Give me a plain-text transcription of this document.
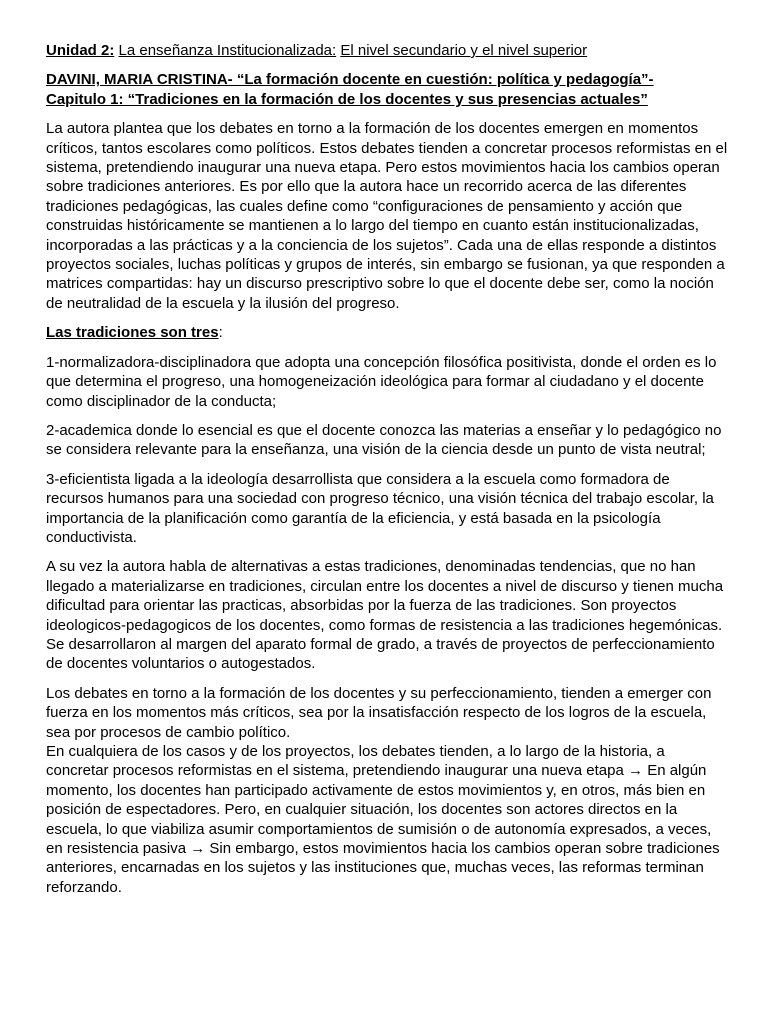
Unidad 2: La enseñanza Institucionalizada: El nivel secundario y el nivel superior

DAVINI, MARIA CRISTINA- “La formación docente en cuestión: política y pedagogía”-
Capitulo 1: “Tradiciones en la formación de los docentes y sus presencias actuales”

La autora plantea que los debates en torno a la formación de los docentes emergen en momentos críticos, tantos escolares como políticos. Estos debates tienden a concretar procesos reformistas en el sistema, pretendiendo inaugurar una nueva etapa. Pero estos movimientos hacia los cambios operan sobre tradiciones anteriores. Es por ello que la autora hace un recorrido acerca de las diferentes tradiciones pedagógicas, las cuales define como “configuraciones de pensamiento y acción que construidas históricamente se mantienen a lo largo del tiempo en cuanto están institucionalizadas, incorporadas a las prácticas y a la conciencia de los sujetos”. Cada una de ellas responde a distintos proyectos sociales, luchas políticas y grupos de interés, sin embargo se fusionan, ya que responden a matrices compartidas: hay un discurso prescriptivo sobre lo que el docente debe ser, como la noción de neutralidad de la escuela y la ilusión del progreso.

Las tradiciones son tres:

1-normalizadora-disciplinadora que adopta una concepción filosófica positivista, donde el orden es lo que determina el progreso, una homogeneización ideológica para formar al ciudadano y el docente como disciplinador de la conducta;

2-academica donde lo esencial es que el docente conozca las materias a enseñar y lo pedagógico no se considera relevante para la enseñanza, una visión de la ciencia desde un punto de vista neutral;

3-eficientista ligada a la ideología desarrollista que considera a la escuela como formadora de recursos humanos para una sociedad con progreso técnico, una visión técnica del trabajo escolar, la importancia de la planificación como garantía de la eficiencia, y está basada en la psicología conductivista.

A su vez la autora habla de alternativas a estas tradiciones, denominadas tendencias, que no han llegado a materializarse en tradiciones, circulan entre los docentes a nivel de discurso y tienen mucha dificultad para orientar las practicas, absorbidas por la fuerza de las tradiciones. Son proyectos ideologicos-pedagogicos de los docentes, como formas de resistencia a las tradiciones hegemónicas. Se desarrollaron al margen del aparato formal de grado, a través de proyectos de perfeccionamiento de docentes voluntarios o autogestados.

Los debates en torno a la formación de los docentes y su perfeccionamiento, tienden a emerger con fuerza en los momentos más críticos, sea por la insatisfacción respecto de los logros de la escuela, sea por procesos de cambio político.

En cualquiera de los casos y de los proyectos, los debates tienden, a lo largo de la historia, a concretar procesos reformistas en el sistema, pretendiendo inaugurar una nueva etapa → En algún momento, los docentes han participado activamente de estos movimientos y, en otros, más bien en posición de espectadores. Pero, en cualquier situación, los docentes son actores directos en la escuela, lo que viabiliza asumir comportamientos de sumisión o de autonomía expresados, a veces, en resistencia pasiva → Sin embargo, estos movimientos hacia los cambios operan sobre tradiciones anteriores, encarnadas en los sujetos y las instituciones que, muchas veces, las reformas terminan reforzando.
